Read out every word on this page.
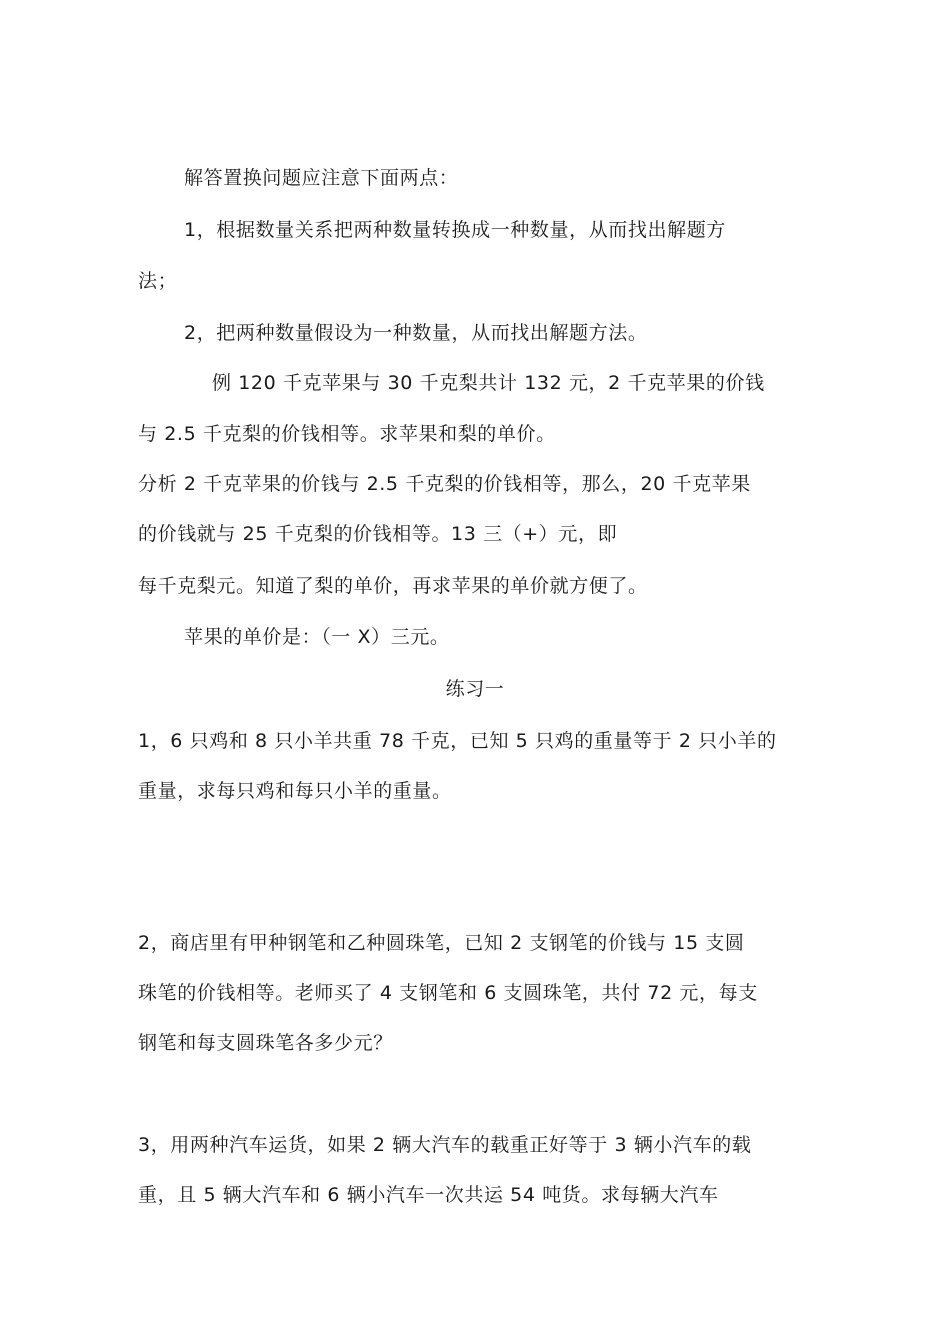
解答置换问题应注意下面两点：
1，根据数量关系把两种数量转换成一种数量，从而找出解题方
法；
2，把两种数量假设为一种数量，从而找出解题方法。
例 120 千克苹果与 30 千克梨共计 132 元，2 千克苹果的价钱
与 2.5 千克梨的价钱相等。求苹果和梨的单价。
分析 2 千克苹果的价钱与 2.5 千克梨的价钱相等，那么，20 千克苹果
的价钱就与 25 千克梨的价钱相等。13 三（+）元，即
每千克梨元。知道了梨的单价，再求苹果的单价就方便了。
苹果的单价是：（一 X）三元。
练习一
1，6 只鸡和 8 只小羊共重 78 千克，已知 5 只鸡的重量等于 2 只小羊的
重量，求每只鸡和每只小羊的重量。
2，商店里有甲种钢笔和乙种圆珠笔，已知 2 支钢笔的价钱与 15 支圆
珠笔的价钱相等。老师买了 4 支钢笔和 6 支圆珠笔，共付 72 元，每支
钢笔和每支圆珠笔各多少元？
3，用两种汽车运货，如果 2 辆大汽车的载重正好等于 3 辆小汽车的载
重，且 5 辆大汽车和 6 辆小汽车一次共运 54 吨货。求每辆大汽车
